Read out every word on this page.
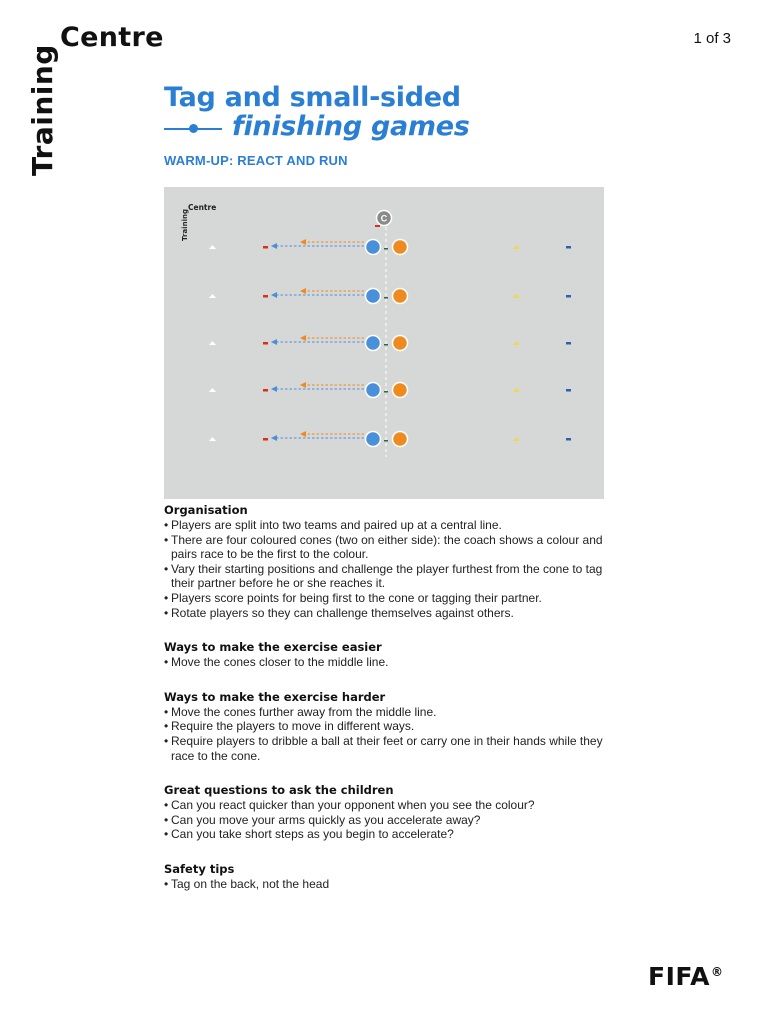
Training
Centre	1 of 3
Tag and small-sided
finishing games
WARM-UP: REACT AND RUN
Training
Centre
C
Organisation
• Players are split into two teams and paired up at a central line.
• There are four coloured cones (two on either side): the coach shows a colour and pairs race to be the first to the colour.
• Vary their starting positions and challenge the player furthest from the cone to tag their partner before he or she reaches it.
• Players score points for being first to the cone or tagging their partner.
• Rotate players so they can challenge themselves against others.
Ways to make the exercise easier
• Move the cones closer to the middle line.
Ways to make the exercise harder
• Move the cones further away from the middle line.
• Require the players to move in different ways.
• Require players to dribble a ball at their feet or carry one in their hands while they race to the cone.
Great questions to ask the children
• Can you react quicker than your opponent when you see the colour?
• Can you move your arms quickly as you accelerate away?
• Can you take short steps as you begin to accelerate?
Safety tips
• Tag on the back, not the head
FIFA®
